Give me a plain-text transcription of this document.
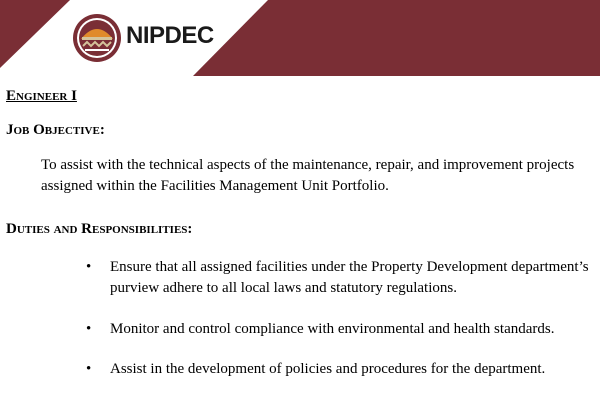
NIPDEC
Engineer I
Job Objective:
To assist with the technical aspects of the maintenance, repair, and improvement projects assigned within the Facilities Management Unit Portfolio.
Duties and Responsibilities:
•	Ensure that all assigned facilities under the Property Development department’s purview adhere to all local laws and statutory regulations.
•	Monitor and control compliance with environmental and health standards.
•	Assist in the development of policies and procedures for the department.
